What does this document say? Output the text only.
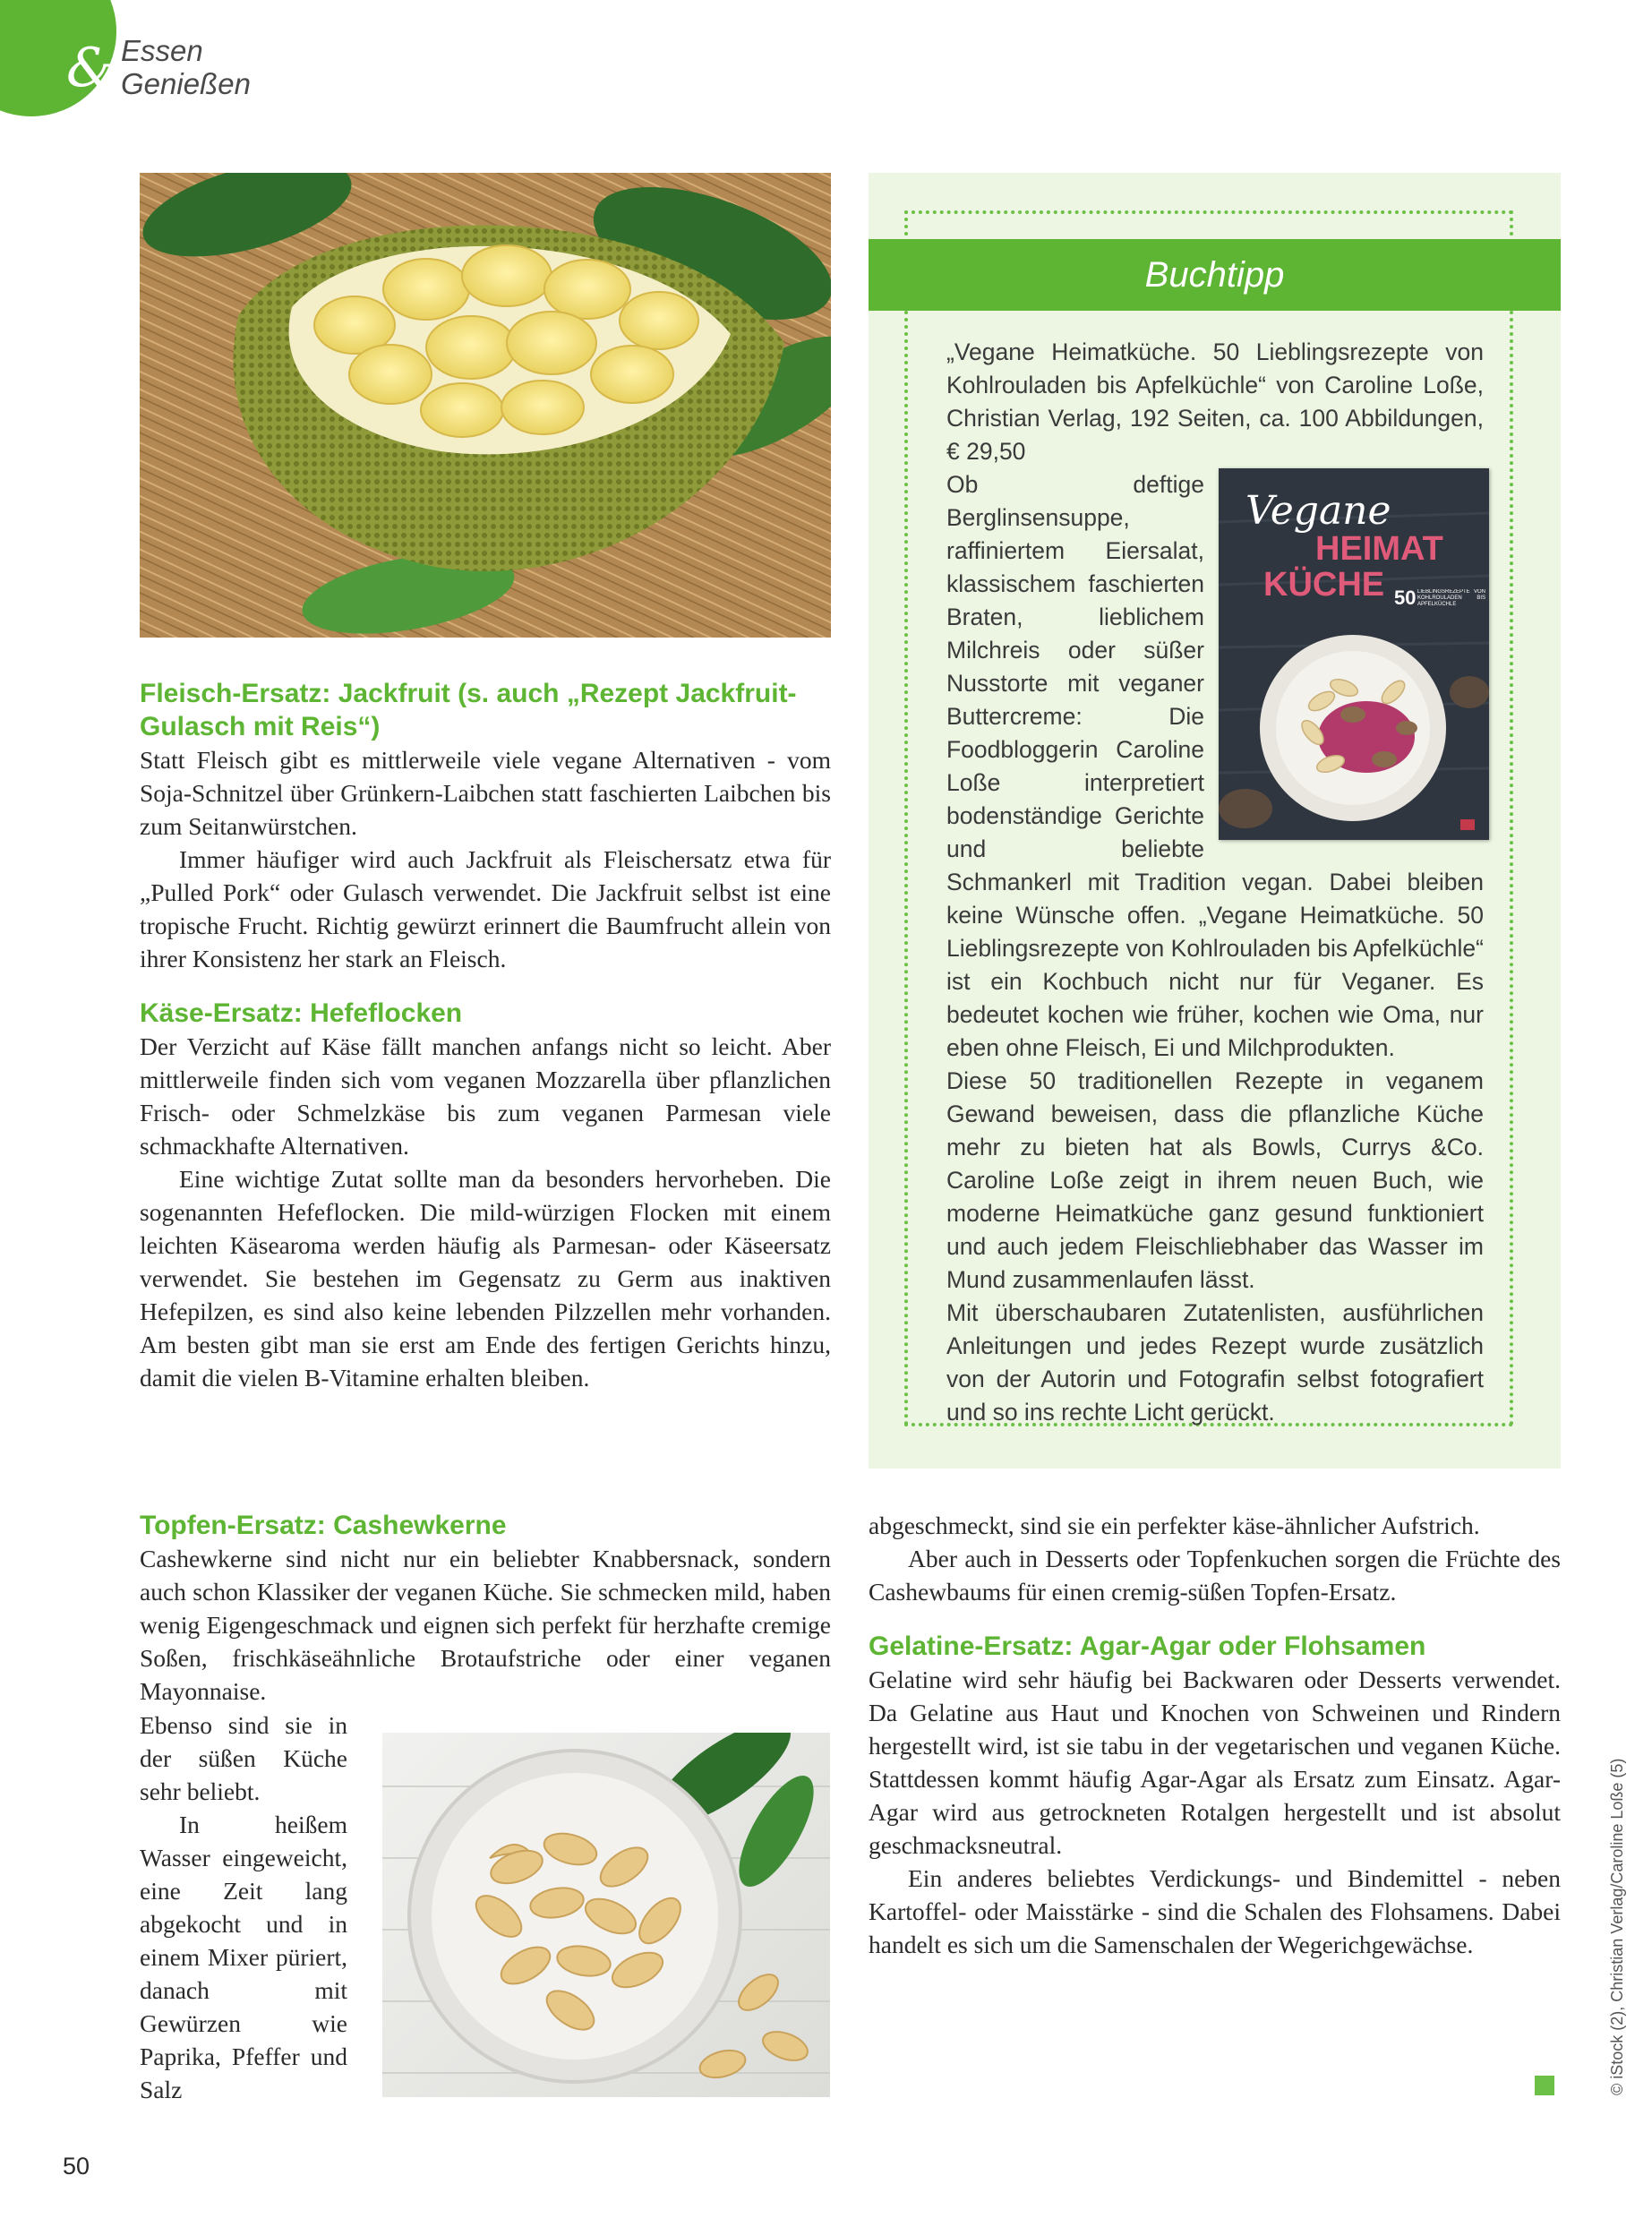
& Essen
Genießen
Fleisch-Ersatz: Jackfruit (s. auch „Rezept Jackfruit-Gulasch mit Reis“)

Statt Fleisch gibt es mittlerweile viele vegane Alternativen - vom Soja-Schnitzel über Grünkern-Laibchen statt faschierten Laibchen bis zum Seitanwürstchen.

Immer häufiger wird auch Jackfruit als Fleischersatz etwa für „Pulled Pork“ oder Gulasch verwendet. Die Jackfruit selbst ist eine tropische Frucht. Richtig gewürzt erinnert die Baumfrucht allein von ihrer Konsistenz her stark an Fleisch.

Käse-Ersatz: Hefeflocken

Der Verzicht auf Käse fällt manchen anfangs nicht so leicht. Aber mittlerweile finden sich vom veganen Mozzarella über pflanzlichen Frisch- oder Schmelzkäse bis zum veganen Parmesan viele schmackhafte Alternativen.

Eine wichtige Zutat sollte man da besonders hervorheben. Die sogenannten Hefeflocken. Die mild-würzigen Flocken mit einem leichten Käsearoma werden häufig als Parmesan- oder Käseersatz verwendet. Sie bestehen im Gegensatz zu Germ aus inaktiven Hefepilzen, es sind also keine lebenden Pilzzellen mehr vorhanden. Am besten gibt man sie erst am Ende des fertigen Gerichts hinzu, damit die vielen B-Vitamine erhalten bleiben.

Topfen-Ersatz: Cashewkerne

Cashewkerne sind nicht nur ein beliebter Knabbersnack, sondern auch schon Klassiker der veganen Küche. Sie schmecken mild, haben wenig Eigengeschmack und eignen sich perfekt für herzhafte cremige Soßen, frischkäseähnliche Brotaufstriche oder einer veganen Mayonnaise.

Ebenso sind sie in der süßen Küche sehr beliebt.

In heißem Wasser eingeweicht, eine Zeit lang abgekocht und in einem Mixer püriert, danach mit Gewürzen wie Paprika, Pfeffer und Salz

abgeschmeckt, sind sie ein perfekter käse-ähnlicher Aufstrich.

Aber auch in Desserts oder Topfenkuchen sorgen die Früchte des Cashewbaums für einen cremig-süßen Topfen-Ersatz.

Gelatine-Ersatz: Agar-Agar oder Flohsamen

Gelatine wird sehr häufig bei Backwaren oder Desserts verwendet. Da Gelatine aus Haut und Knochen von Schweinen und Rindern hergestellt wird, ist sie tabu in der vegetarischen und veganen Küche. Stattdessen kommt häufig Agar-Agar als Ersatz zum Einsatz. Agar-Agar wird aus getrockneten Rotalgen hergestellt und ist absolut geschmacksneutral.

Ein anderes beliebtes Verdickungs- und Bindemittel - neben Kartoffel- oder Maisstärke - sind die Schalen des Flohsamens. Dabei handelt es sich um die Samenschalen der Wegerichgewächse.

Buchtipp

„Vegane Heimatküche. 50 Lieblingsrezepte von Kohlrouladen bis Apfelküchle“ von Caroline Loße, Christian Verlag, 192 Seiten, ca. 100 Abbildungen, € 29,50

Vegane
HEIMAT
KÜCHE 50 LIEBLINGSREZEPTE VON KOHLROULADEN BIS APFELKÜCHLE

Ob deftige Berglinsensuppe, raffiniertem Eiersalat, klassischem faschierten Braten, lieblichem Milchreis oder süßer Nusstorte mit veganer Buttercreme: Die Foodbloggerin Caroline Loße interpretiert bodenständige Gerichte und beliebte Schmankerl mit Tradition vegan. Dabei bleiben keine Wünsche offen. „Vegane Heimatküche. 50 Lieblingsrezepte von Kohlrouladen bis Apfelküchle“ ist ein Kochbuch nicht nur für Veganer. Es bedeutet kochen wie früher, kochen wie Oma, nur eben ohne Fleisch, Ei und Milchprodukten.

Diese 50 traditionellen Rezepte in veganem Gewand beweisen, dass die pflanzliche Küche mehr zu bieten hat als Bowls, Currys &Co. Caroline Loße zeigt in ihrem neuen Buch, wie moderne Heimatküche ganz gesund funktioniert und auch jedem Fleischliebhaber das Wasser im Mund zusammenlaufen lässt.

Mit überschaubaren Zutatenlisten, ausführlichen Anleitungen und jedes Rezept wurde zusätzlich von der Autorin und Fotografin selbst fotografiert und so ins rechte Licht gerückt.

50
© iStock (2), Christian Verlag/Caroline Loße (5)
